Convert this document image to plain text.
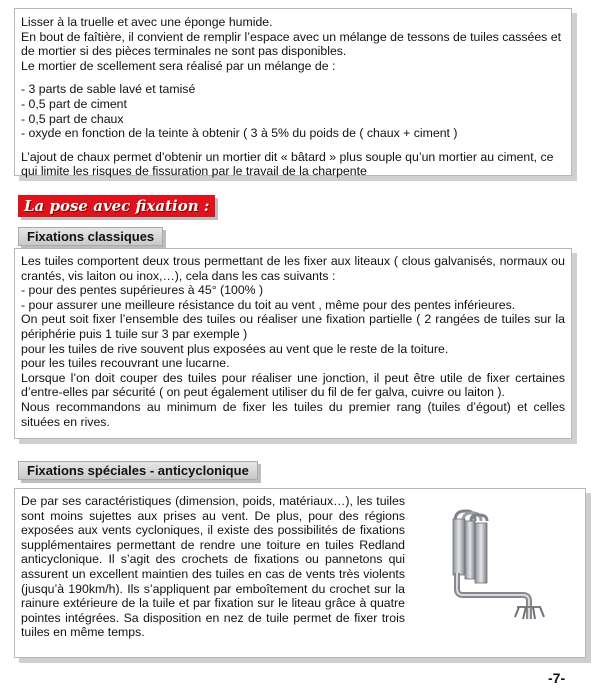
Lisser à la truelle et avec une éponge humide.

En bout de faîtière, il convient de remplir l’espace avec un mélange de tessons de tuiles cassées et de mortier si des pièces terminales ne sont pas disponibles.

Le mortier de scellement sera réalisé par un mélange de :

- 3 parts de sable lavé et tamisé

- 0,5 part de ciment

- 0,5 part de chaux

- oxyde en fonction de la teinte à obtenir ( 3 à 5% du poids de ( chaux + ciment )

L’ajout de chaux permet d’obtenir un mortier dit « bâtard » plus souple qu’un mortier au ciment, ce qui limite les risques de fissuration par le travail de la charpente

La pose avec fixation :
Fixations classiques

Les tuiles comportent deux trous permettant de les fixer aux liteaux ( clous galvanisés, normaux ou crantés, vis laiton ou inox,…), cela dans les cas suivants :

- pour des pentes supérieures à 45° (100% )

- pour assurer une meilleure résistance du toit au vent , même pour des pentes inférieures.

On peut soit fixer l’ensemble des tuiles ou réaliser une fixation partielle ( 2 rangées de tuiles sur la périphérie puis 1 tuile sur 3 par exemple )

pour les tuiles de rive souvent plus exposées au vent que le reste de la toiture.

pour les tuiles recouvrant une lucarne.

Lorsque l’on doit couper des tuiles pour réaliser une jonction, il peut être utile de fixer certaines d’entre-elles par sécurité ( on peut également utiliser du fil de fer galva, cuivre ou laiton ).

Nous recommandons au minimum de fixer les tuiles du premier rang (tuiles d’égout) et celles situées en rives.

Fixations spéciales - anticyclonique

De par ses caractéristiques (dimension, poids, matériaux…), les tuiles sont moins sujettes aux prises au vent. De plus, pour des régions exposées aux vents cycloniques, il existe des possibilités de fixations supplémentaires permettant de rendre une toiture en tuiles Redland anticyclonique. Il s’agit des crochets de fixations ou pannetons qui assurent un excellent maintien des tuiles en cas de vents très violents (jusqu’à 190km/h). Ils s’appliquent par emboîtement du crochet sur la rainure extérieure de la tuile et par fixation sur le liteau grâce à quatre pointes intégrées. Sa disposition en nez de tuile permet de fixer trois tuiles en même temps.

-7-
